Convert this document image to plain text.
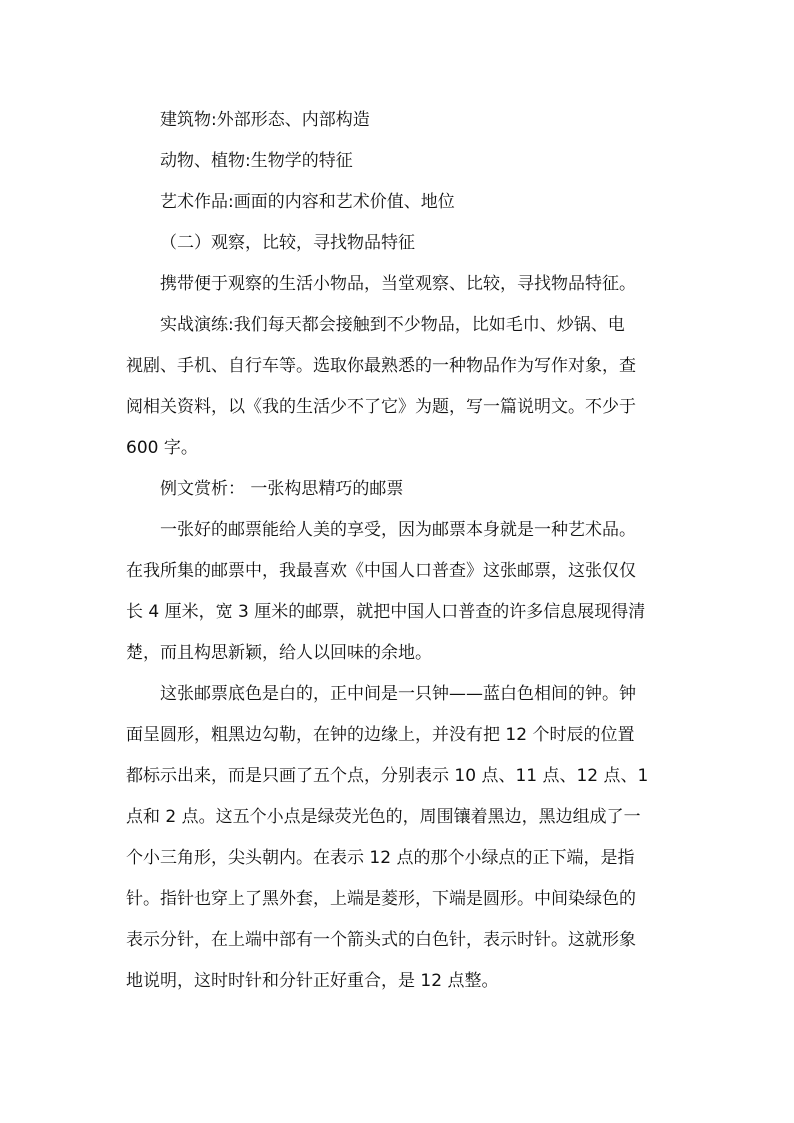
建筑物:外部形态、内部构造
动物、植物:生物学的特征
艺术作品:画面的内容和艺术价值、地位
（二）观察，比较，寻找物品特征
携带便于观察的生活小物品，当堂观察、比较，寻找物品特征。
实战演练:我们每天都会接触到不少物品，比如毛巾、炒锅、电
视剧、手机、自行车等。选取你最熟悉的一种物品作为写作对象，查
阅相关资料，以《我的生活少不了它》为题，写一篇说明文。不少于
600 字。
例文赏析： 一张构思精巧的邮票
一张好的邮票能给人美的享受，因为邮票本身就是一种艺术品。
在我所集的邮票中，我最喜欢《中国人口普查》这张邮票，这张仅仅
长 4 厘米，宽 3 厘米的邮票，就把中国人口普查的许多信息展现得清
楚，而且构思新颖，给人以回味的余地。
这张邮票底色是白的，正中间是一只钟——蓝白色相间的钟。钟
面呈圆形，粗黑边勾勒，在钟的边缘上，并没有把 12 个时辰的位置
都标示出来，而是只画了五个点，分别表示 10 点、11 点、12 点、1
点和 2 点。这五个小点是绿荧光色的，周围镶着黑边，黑边组成了一
个小三角形，尖头朝内。在表示 12 点的那个小绿点的正下端，是指
针。指针也穿上了黑外套，上端是菱形，下端是圆形。中间染绿色的
表示分针，在上端中部有一个箭头式的白色针，表示时针。这就形象
地说明，这时时针和分针正好重合，是 12 点整。
